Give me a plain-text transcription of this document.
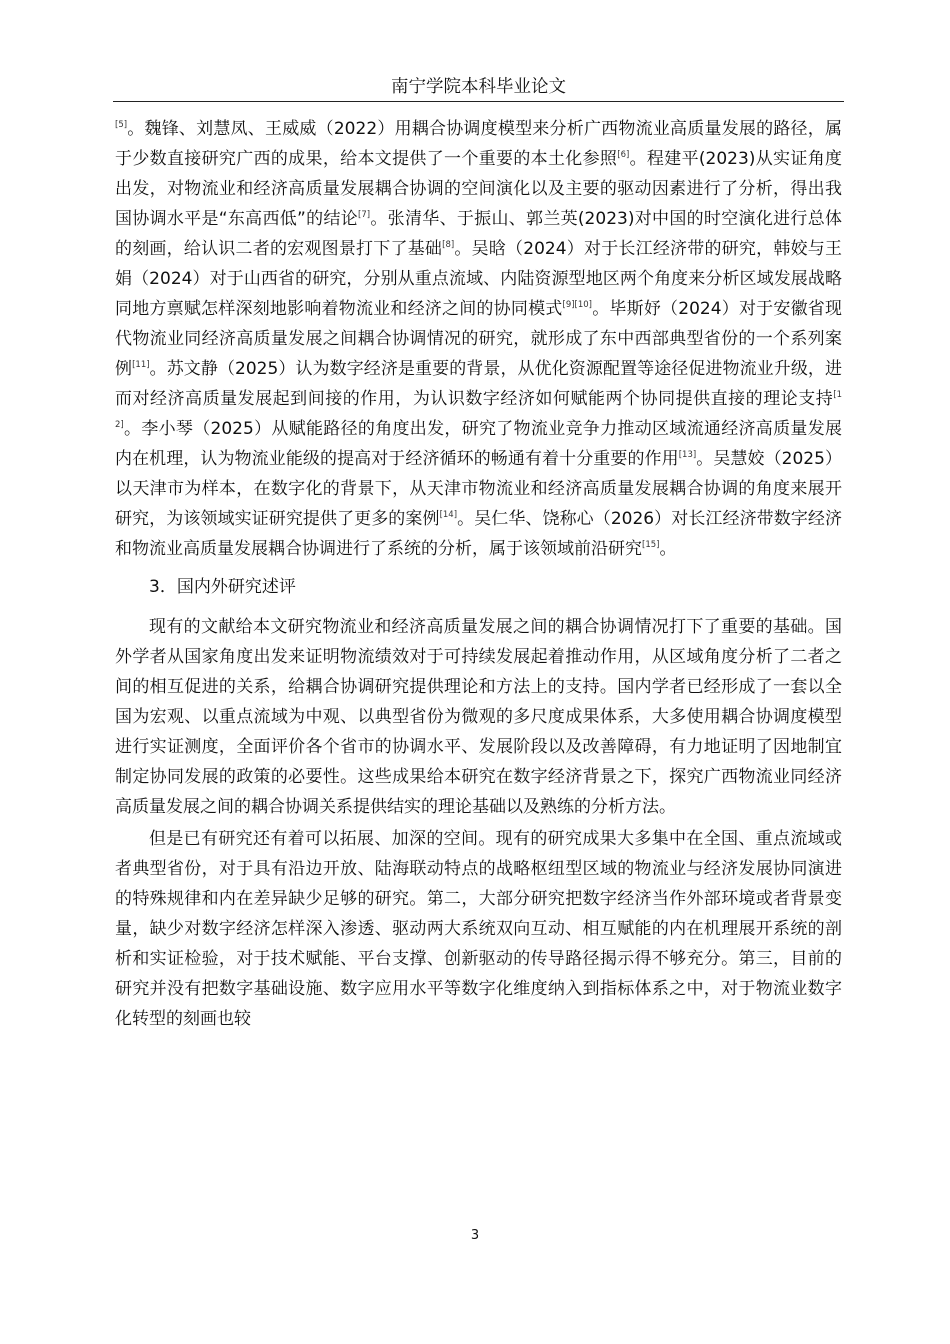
南宁学院本科毕业论文

[5]。魏锋、刘慧凤、王威威（2022）用耦合协调度模型来分析广西物流业高质量发展的路径，属于少数直接研究广西的成果，给本文提供了一个重要的本土化参照[6]。程建平(2023)从实证角度出发，对物流业和经济高质量发展耦合协调的空间演化以及主要的驱动因素进行了分析，得出我国协调水平是“东高西低”的结论[7]。张清华、于振山、郭兰英(2023)对中国的时空演化进行总体的刻画，给认识二者的宏观图景打下了基础[8]。吴晗（2024）对于长江经济带的研究，韩姣与王娟（2024）对于山西省的研究，分别从重点流域、内陆资源型地区两个角度来分析区域发展战略同地方禀赋怎样深刻地影响着物流业和经济之间的协同模式[9][10]。毕斯妤（2024）对于安徽省现代物流业同经济高质量发展之间耦合协调情况的研究，就形成了东中西部典型省份的一个系列案例[11]。苏文静（2025）认为数字经济是重要的背景，从优化资源配置等途径促进物流业升级，进而对经济高质量发展起到间接的作用，为认识数字经济如何赋能两个协同提供直接的理论支持[12]。李小琴（2025）从赋能路径的角度出发，研究了物流业竞争力推动区域流通经济高质量发展内在机理，认为物流业能级的提高对于经济循环的畅通有着十分重要的作用[13]。吴慧姣（2025）以天津市为样本，在数字化的背景下，从天津市物流业和经济高质量发展耦合协调的角度来展开研究，为该领域实证研究提供了更多的案例[14]。吴仁华、饶称心（2026）对长江经济带数字经济和物流业高质量发展耦合协调进行了系统的分析，属于该领域前沿研究[15]。

3．国内外研究述评

现有的文献给本文研究物流业和经济高质量发展之间的耦合协调情况打下了重要的基础。国外学者从国家角度出发来证明物流绩效对于可持续发展起着推动作用，从区域角度分析了二者之间的相互促进的关系，给耦合协调研究提供理论和方法上的支持。国内学者已经形成了一套以全国为宏观、以重点流域为中观、以典型省份为微观的多尺度成果体系，大多使用耦合协调度模型进行实证测度，全面评价各个省市的协调水平、发展阶段以及改善障碍，有力地证明了因地制宜制定协同发展的政策的必要性。这些成果给本研究在数字经济背景之下，探究广西物流业同经济高质量发展之间的耦合协调关系提供结实的理论基础以及熟练的分析方法。

但是已有研究还有着可以拓展、加深的空间。现有的研究成果大多集中在全国、重点流域或者典型省份，对于具有沿边开放、陆海联动特点的战略枢纽型区域的物流业与经济发展协同演进的特殊规律和内在差异缺少足够的研究。第二，大部分研究把数字经济当作外部环境或者背景变量，缺少对数字经济怎样深入渗透、驱动两大系统双向互动、相互赋能的内在机理展开系统的剖析和实证检验，对于技术赋能、平台支撑、创新驱动的传导路径揭示得不够充分。第三，目前的研究并没有把数字基础设施、数字应用水平等数字化维度纳入到指标体系之中，对于物流业数字化转型的刻画也较

3
